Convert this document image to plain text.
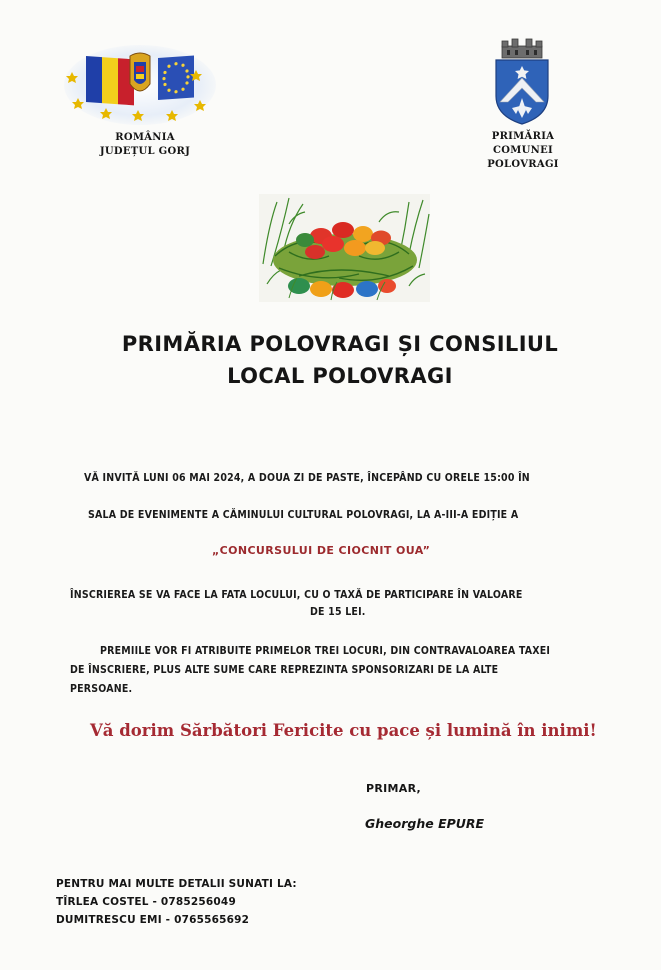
ROMÂNIA
JUDEȚUL GORJ
PRIMĂRIA
COMUNEI
POLOVRAGI
PRIMĂRIA POLOVRAGI ȘI CONSILIUL
LOCAL POLOVRAGI
VĂ INVITĂ LUNI 06 MAI 2024, A DOUA ZI DE PASTE, ÎNCEPÂND CU ORELE 15:00 ÎN
SALA DE EVENIMENTE A CĂMINULUI CULTURAL POLOVRAGI, LA A-III-A EDIȚIE A
„CONCURSULUI DE CIOCNIT OUA”
ÎNSCRIEREA SE VA FACE LA FATA LOCULUI, CU O TAXĂ DE PARTICIPARE ÎN VALOARE
DE 15 LEI.
PREMIILE VOR FI ATRIBUITE PRIMELOR TREI LOCURI, DIN CONTRAVALOAREA TAXEI
DE ÎNSCRIERE, PLUS ALTE SUME CARE REPREZINTA SPONSORIZARI DE LA ALTE
PERSOANE.
Vă dorim Sărbători Fericite cu pace și lumină în inimi!
PRIMAR,
Gheorghe EPURE
PENTRU MAI MULTE DETALII SUNATI LA:
TÎRLEA COSTEL - 0785256049
DUMITRESCU EMI - 0765565692
